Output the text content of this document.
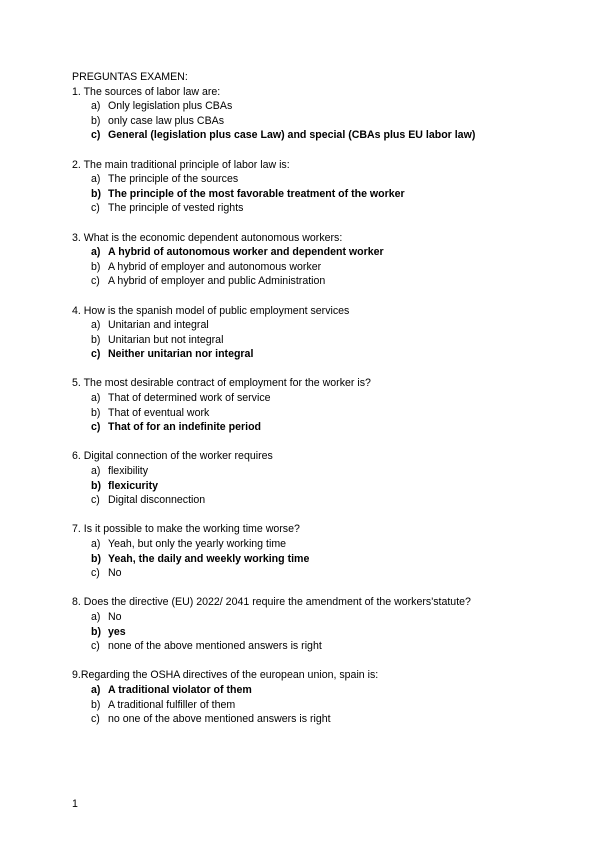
PREGUNTAS EXAMEN:
1. The sources of labor law are:
a) Only legislation plus CBAs
b) only case law plus CBAs
c) General (legislation plus case Law) and special (CBAs plus EU labor law)
2. The main traditional principle of labor law is:
a) The principle of the sources
b) The principle of the most favorable treatment of the worker
c) The principle of vested rights
3. What is the economic dependent autonomous workers:
a) A hybrid of autonomous worker and dependent worker
b) A hybrid of employer and autonomous worker
c) A hybrid of employer and public Administration
4. How is the spanish model of public employment services
a) Unitarian and integral
b) Unitarian but not integral
c) Neither unitarian nor integral
5. The most desirable contract of employment for the worker is?
a) That of determined work of service
b) That of eventual work
c) That of for an indefinite period
6. Digital connection of the worker requires
a) flexibility
b) flexicurity
c) Digital disconnection
7. Is it possible to make the working time worse?
a) Yeah, but only the yearly working time
b) Yeah, the daily and weekly working time
c) No
8. Does the directive (EU) 2022/ 2041 require the amendment of the workers'statute?
a) No
b) yes
c) none of the above mentioned answers is right
9.Regarding the OSHA directives of the european union, spain is:
a) A traditional violator of them
b) A traditional fulfiller of them
c) no one of the above mentioned answers is right
1
